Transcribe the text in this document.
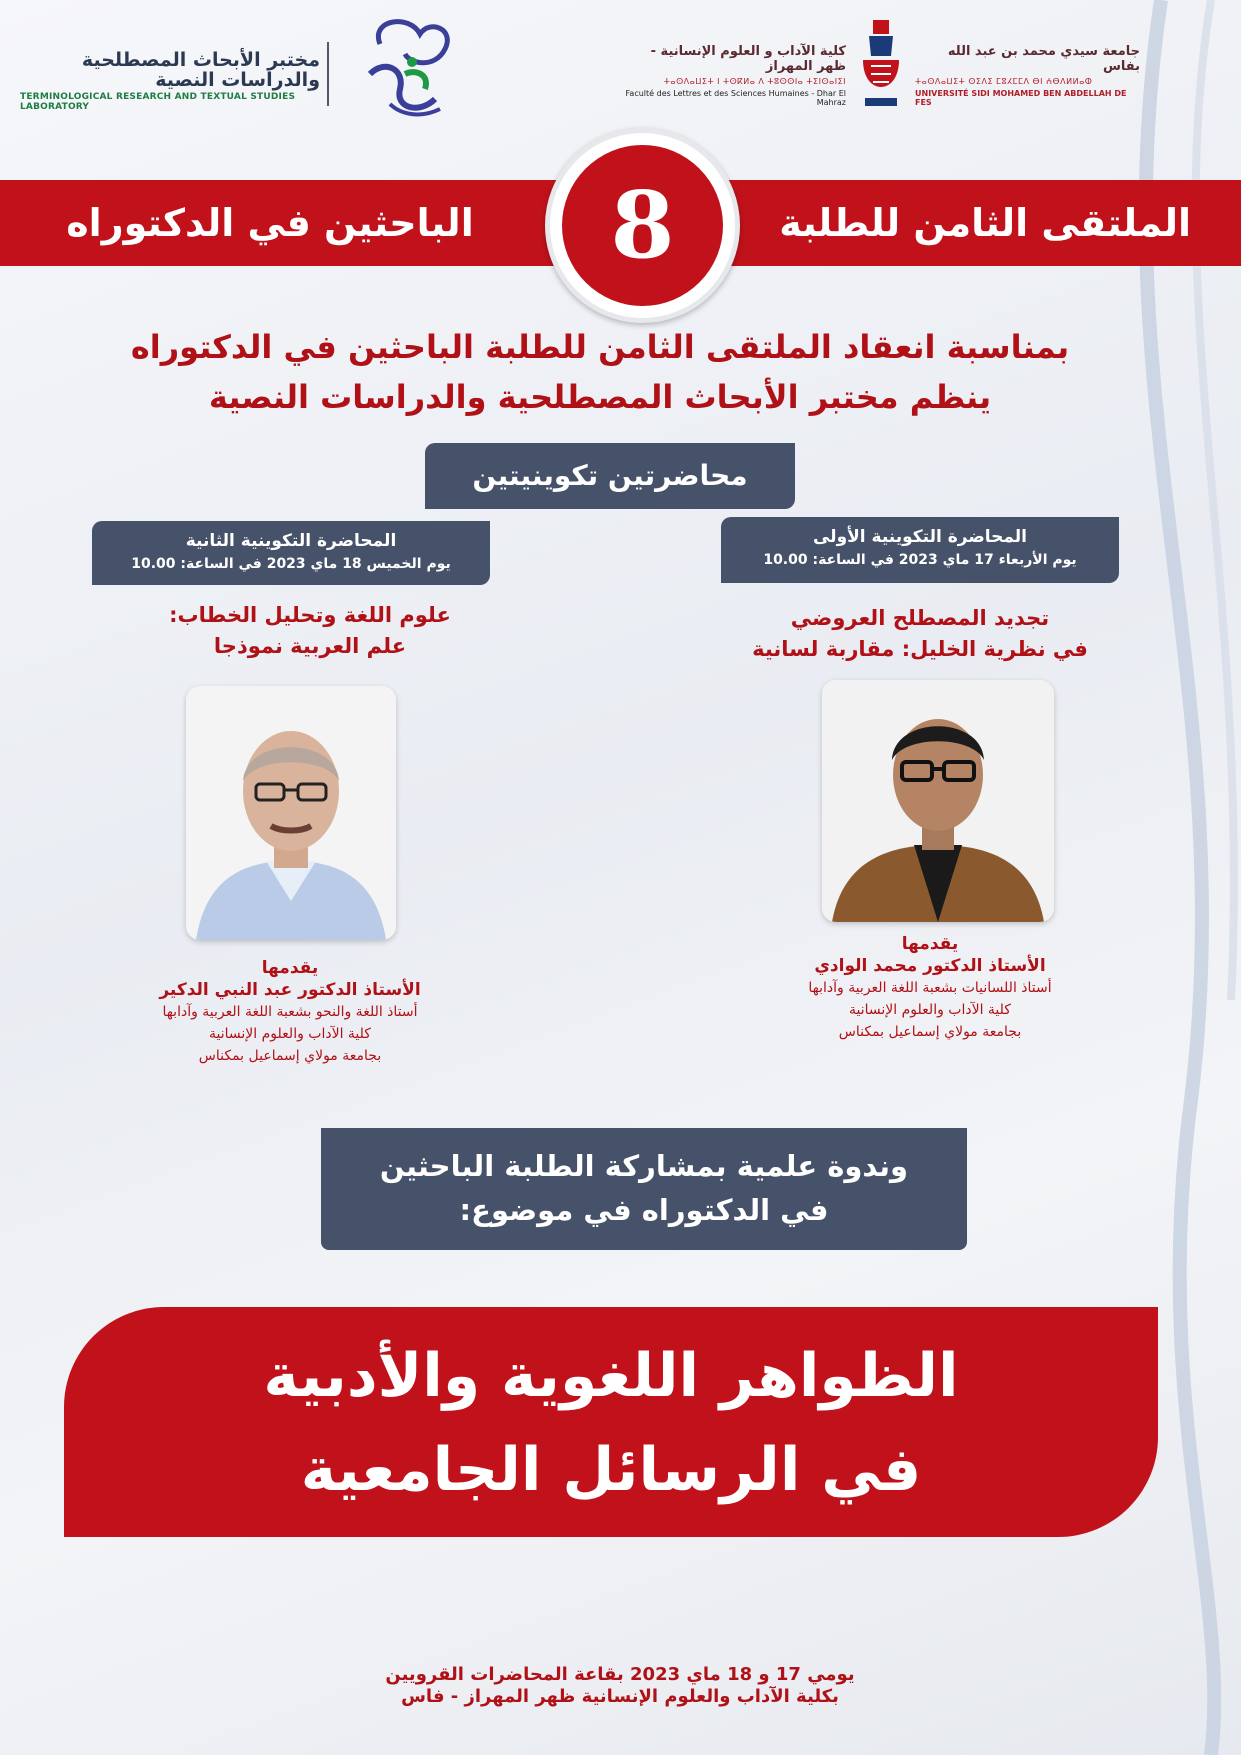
مختبر الأبحاث المصطلحية
والدراسات النصية
TERMINOLOGICAL RESEARCH AND TEXTUAL STUDIES LABORATORY
كلية الآداب و العلوم الإنسانية - ظهر المهراز
ⵜⴰⵙⴷⴰⵡⵉⵜ ⵏ ⵜⵙⴽⵍⴰ ⴷ ⵜⵓⵙⵙⵏⴰ ⵜⵉⵏⵙⴰⵏⵉⵏ
Faculté des Lettres et des Sciences Humaines - Dhar El Mahraz
جامعة سيدي محمد بن عبد الله بفاس
ⵜⴰⵙⴷⴰⵡⵉⵜ ⵙⵉⴷⵉ ⵎⵓⵃⵎⵎⴷ ⴱⵏ ⵄⴱⴷⵍⵍⴰⵀ
UNIVERSITÉ SIDI MOHAMED BEN ABDELLAH DE FES
الملتقى الثامن للطلبة
الباحثين في الدكتوراه	8
بمناسبة انعقاد الملتقى الثامن للطلبة الباحثين في الدكتوراه
ينظم مختبر الأبحاث المصطلحية والدراسات النصية
محاضرتين تكوينيتين
المحاضرة التكوينية الثانية
يوم الخميس 18 ماي 2023 في الساعة: 10.00
علوم اللغة وتحليل الخطاب:
علم العربية نموذجا
يقدمها
الأستاذ الدكتور عبد النبي الدكير
أستاذ اللغة والنحو بشعبة اللغة العربية وآدابها
كلية الآداب والعلوم الإنسانية
بجامعة مولاي إسماعيل بمكناس
المحاضرة التكوينية الأولى
يوم الأربعاء 17 ماي 2023 في الساعة: 10.00
تجديد المصطلح العروضي
في نظرية الخليل: مقاربة لسانية
يقدمها
الأستاذ الدكتور محمد الوادي
أستاذ اللسانيات بشعبة اللغة العربية وآدابها
كلية الآداب والعلوم الإنسانية
بجامعة مولاي إسماعيل بمكناس
وندوة علمية بمشاركة الطلبة الباحثين
في الدكتوراه في موضوع:
الظواهر اللغوية والأدبية
في الرسائل الجامعية
يومي 17 و 18 ماي 2023 بقاعة المحاضرات القرويين
بكلية الآداب والعلوم الإنسانية ظهر المهراز - فاس
